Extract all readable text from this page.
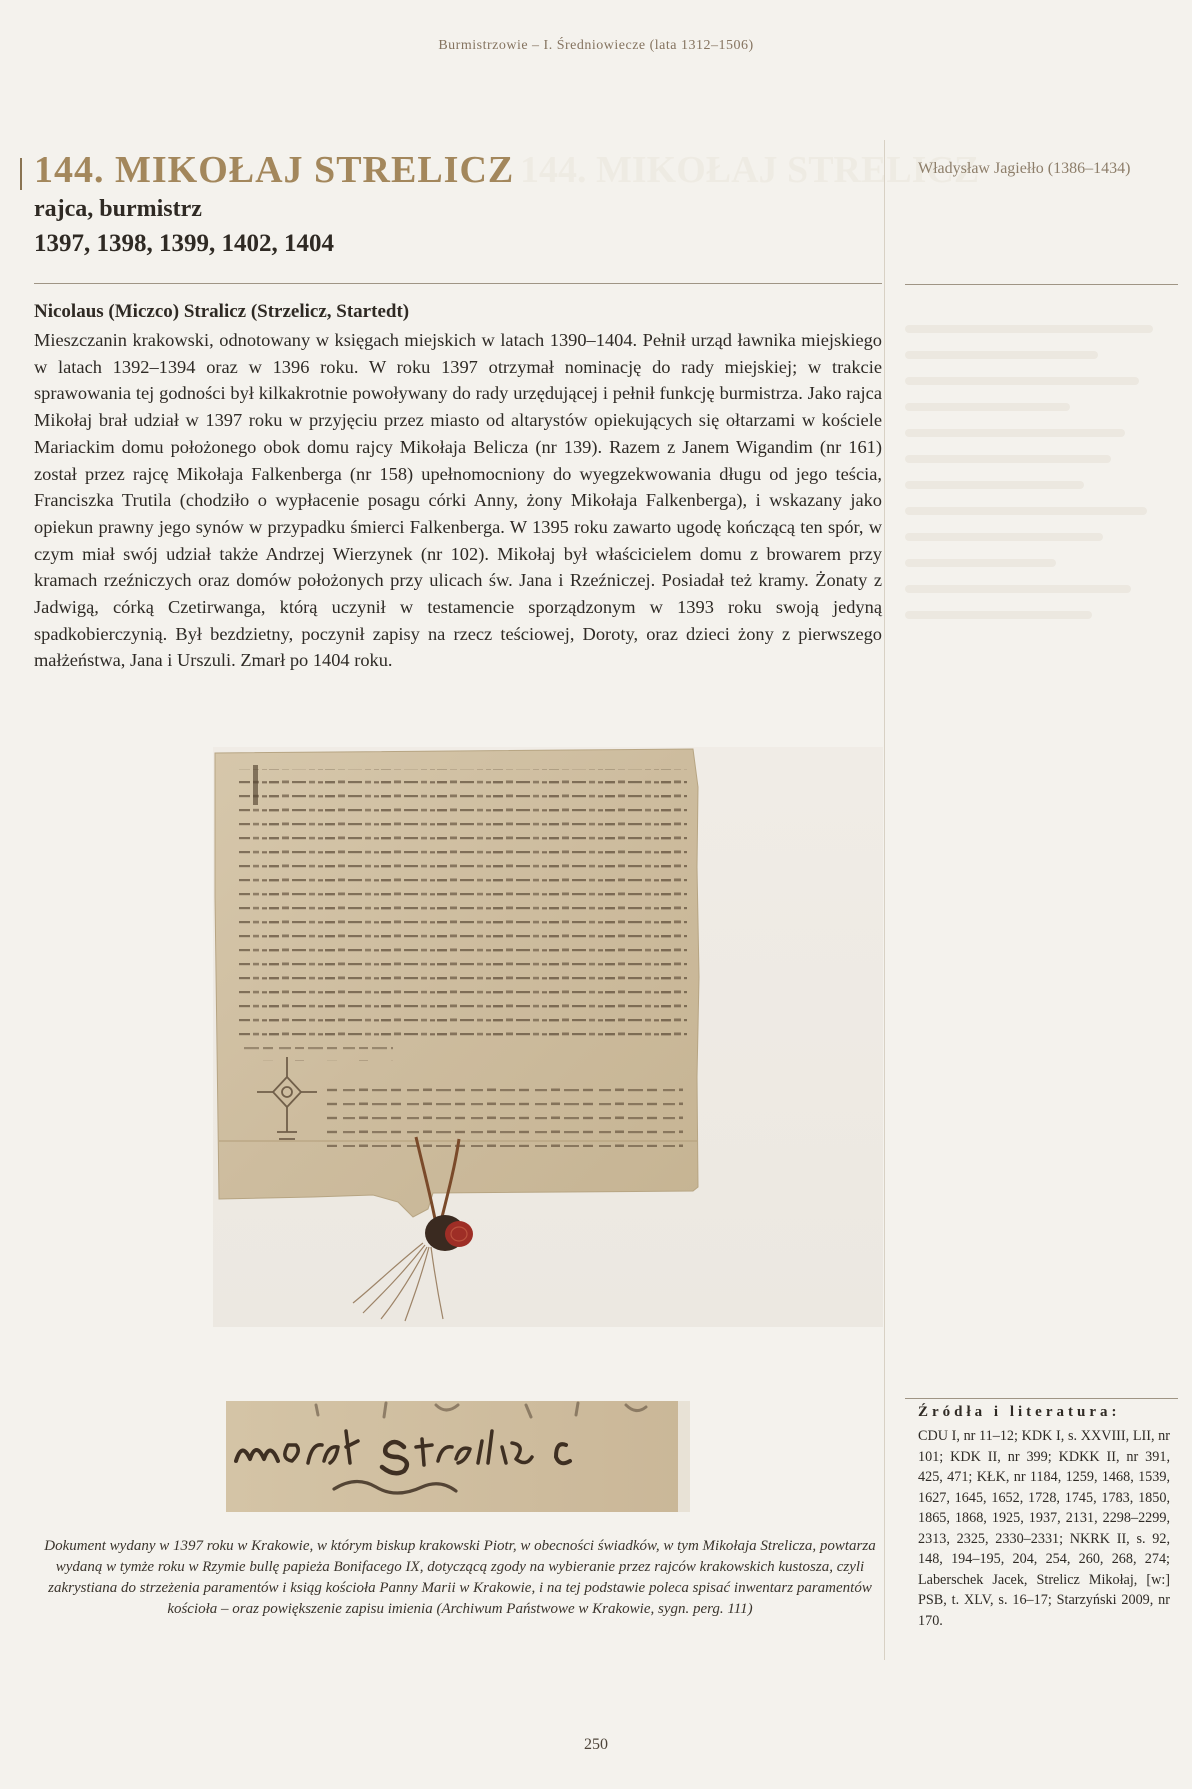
Burmistrzowie – I. Średniowiecze (lata 1312–1506)
144. MIKOŁAJ STRELICZ 144. MIKOŁAJ STRELICZ
rajca, burmistrz
1397, 1398, 1399, 1402, 1404
Władysław Jagiełło (1386–1434)
Nicolaus (Miczco) Stralicz (Strzelicz, Startedt)

Mieszczanin krakowski, odnotowany w księgach miejskich w latach 1390–1404. Pełnił urząd ławnika miejskiego w latach 1392–1394 oraz w 1396 roku. W roku 1397 otrzymał nominację do rady miejskiej; w trakcie sprawowania tej godności był kilkakrotnie powoływany do rady urzędującej i pełnił funkcję burmistrza. Jako rajca Mikołaj brał udział w 1397 roku w przyjęciu przez miasto od altarystów opiekujących się ołtarzami w kościele Mariackim domu położonego obok domu rajcy Mikołaja Belicza (nr 139). Razem z Janem Wigandim (nr 161) został przez rajcę Mikołaja Falkenberga (nr 158) upełnomocniony do wyegzekwowania długu od jego teścia, Franciszka Trutila (chodziło o wypłacenie posagu córki Anny, żony Mikołaja Falkenberga), i wskazany jako opiekun prawny jego synów w przypadku śmierci Falkenberga. W 1395 roku zawarto ugodę kończącą ten spór, w czym miał swój udział także Andrzej Wierzynek (nr 102). Mikołaj był właścicielem domu z browarem przy kramach rzeźniczych oraz domów położonych przy ulicach św. Jana i Rzeźniczej. Posiadał też kramy. Żonaty z Jadwigą, córką Czetirwanga, którą uczynił w testamencie sporządzonym w 1393 roku swoją jedyną spadkobierczynią. Był bezdzietny, poczynił zapisy na rzecz teściowej, Doroty, oraz dzieci żony z pierwszego małżeństwa, Jana i Urszuli. Zmarł po 1404 roku.

Dokument wydany w 1397 roku w Krakowie, w którym biskup krakowski Piotr, w obecności świadków, w tym Mikołaja Strelicza, powtarza wydaną w tymże roku w Rzymie bullę papieża Bonifacego IX, dotyczącą zgody na wybieranie przez rajców krakowskich kustosza, czyli zakrystiana do strzeżenia paramentów i ksiąg kościoła Panny Marii w Krakowie, i na tej podstawie poleca spisać inwentarz paramentów kościoła – oraz powiększenie zapisu imienia (Archiwum Państwowe w Krakowie, sygn. perg. 111)

Źródła i literatura:

CDU I, nr 11–12; KDK I, s. XXVIII, LII, nr 101; KDK II, nr 399; KDKK II, nr 391, 425, 471; KŁK, nr 1184, 1259, 1468, 1539, 1627, 1645, 1652, 1728, 1745, 1783, 1850, 1865, 1868, 1925, 1937, 2131, 2298–2299, 2313, 2325, 2330–2331; NKRK II, s. 92, 148, 194–195, 204, 254, 260, 268, 274; Laberschek Jacek, Strelicz Mikołaj, [w:] PSB, t. XLV, s. 16–17; Starzyński 2009, nr 170.

250
